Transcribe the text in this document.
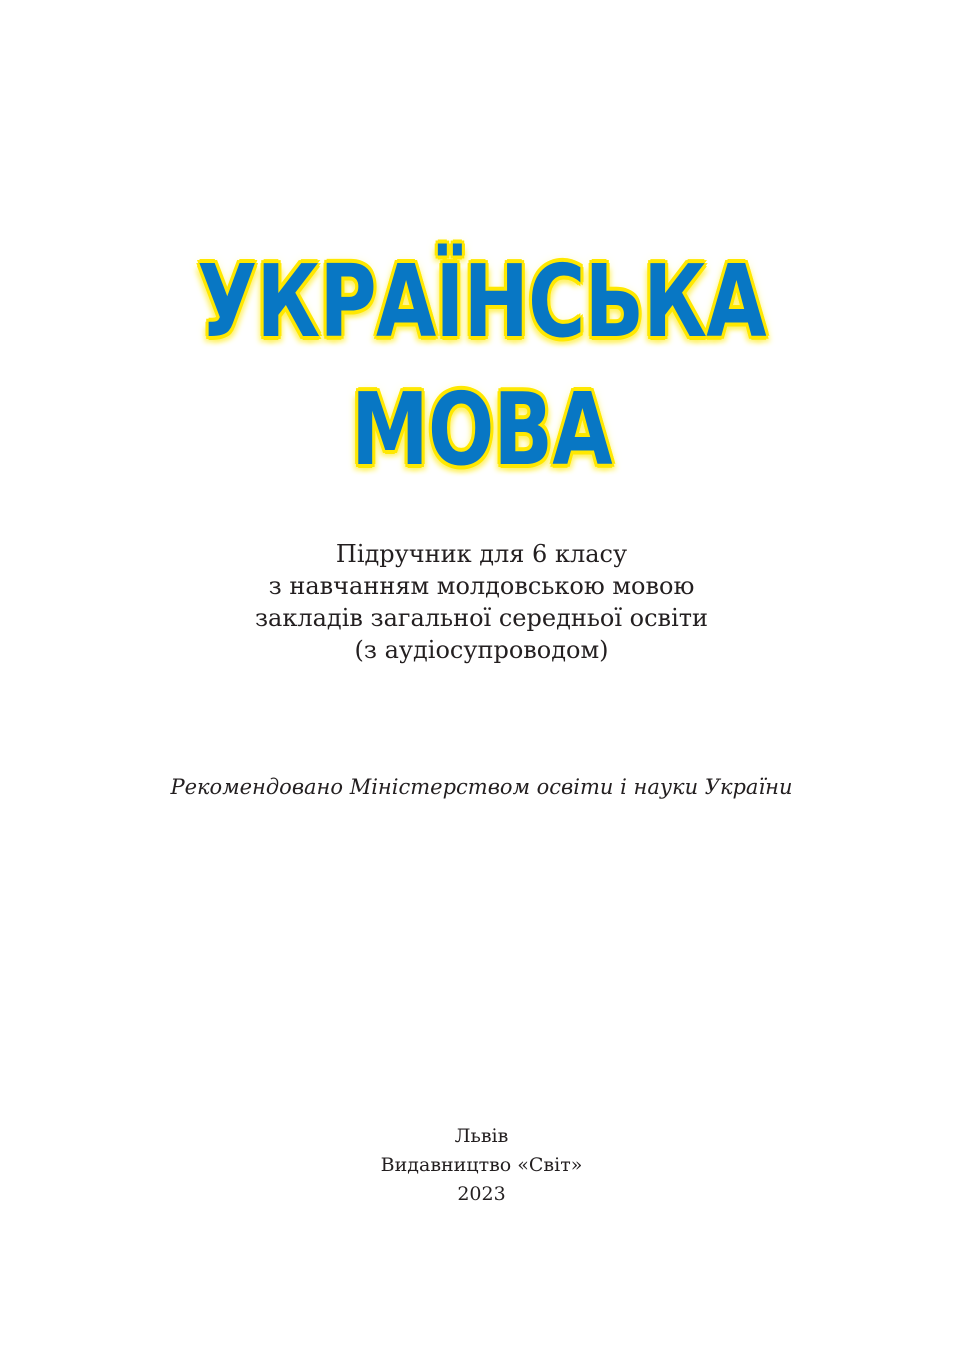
УКРАЇНСЬКА
МОВА
Підручник для 6 класу
з навчанням молдовською мовою
закладів загальної середньої освіти
(з аудіосупроводом)
Рекомендовано Міністерством освіти і науки України
Львів
Видавництво «Світ»
2023
